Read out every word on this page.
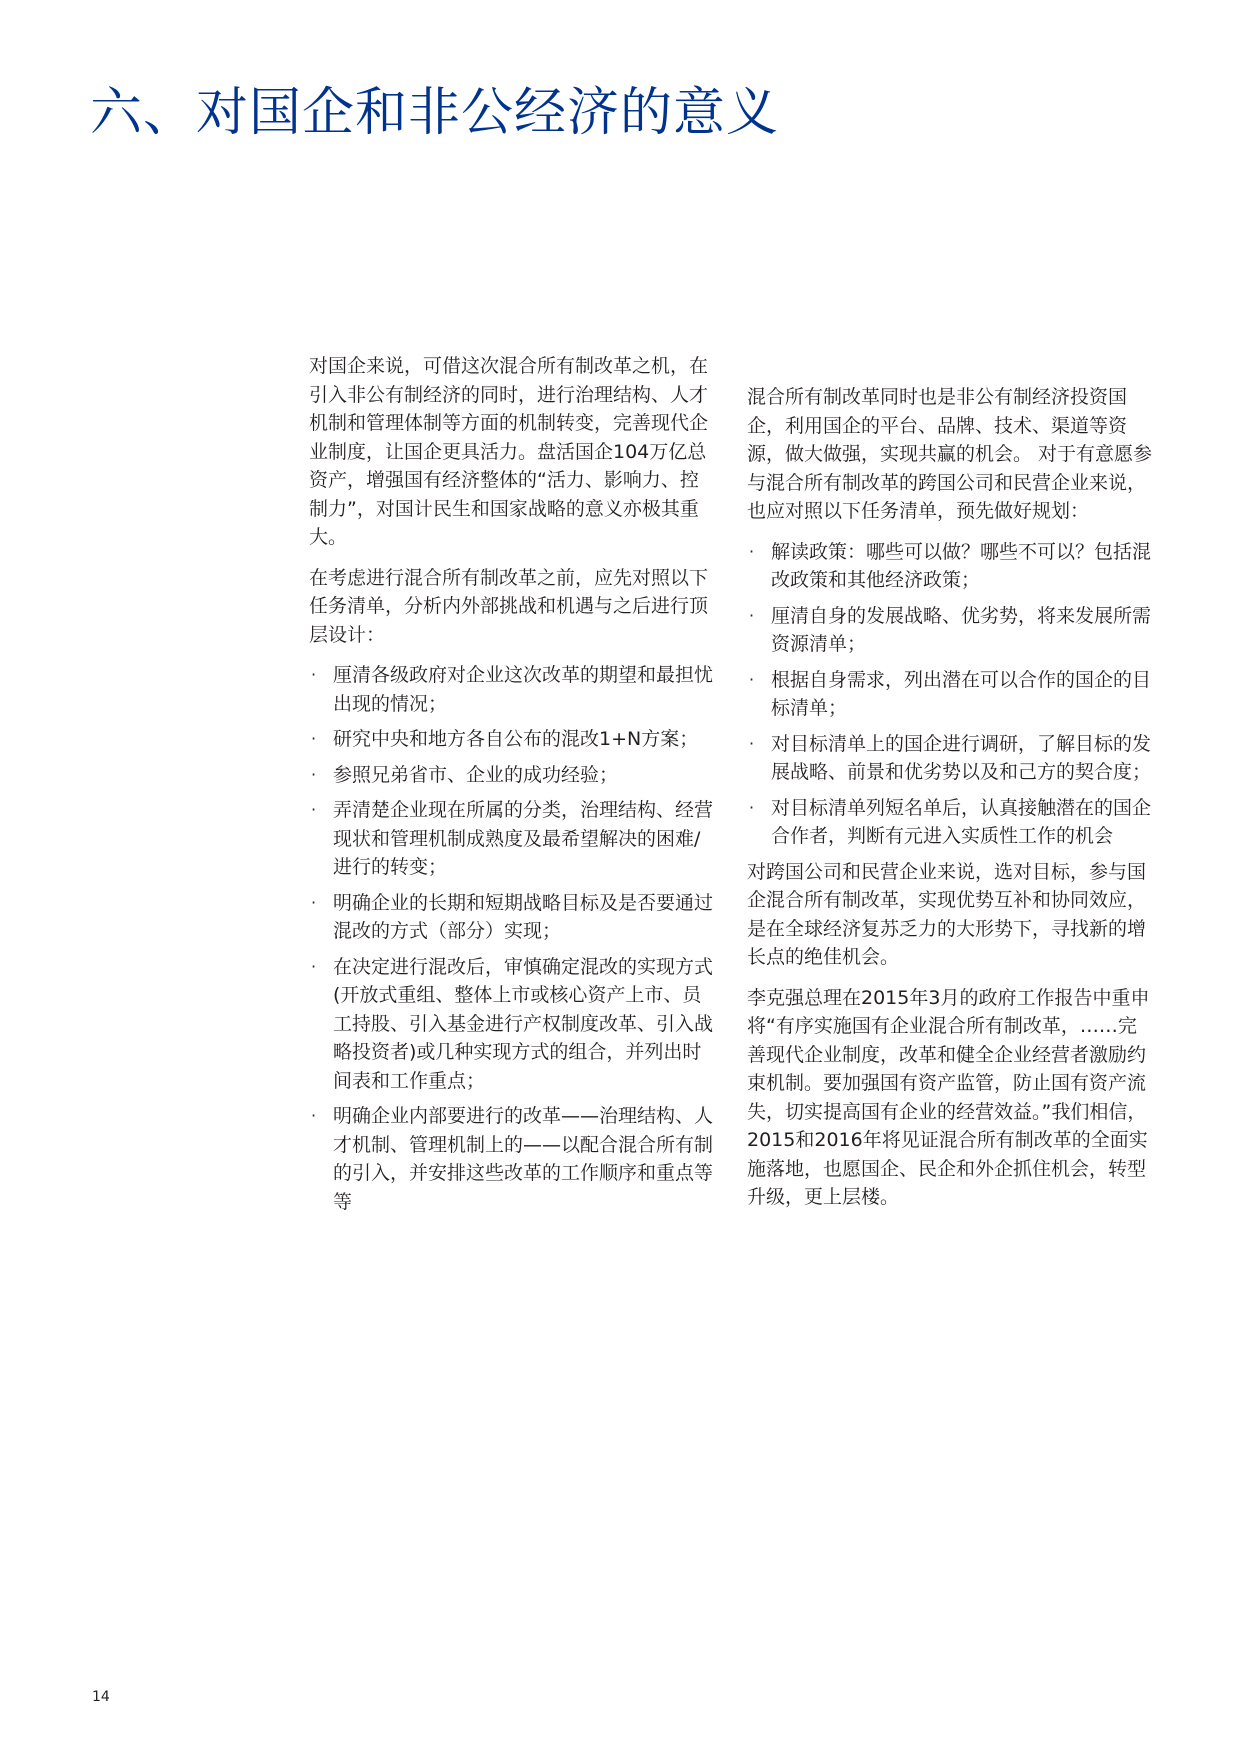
六、对国企和非公经济的意义

对国企来说，可借这次混合所有制改革之机，在引入非公有制经济的同时，进行治理结构、人才机制和管理体制等方面的机制转变，完善现代企业制度，让国企更具活力。盘活国企104万亿总资产，增强国有经济整体的“活力、影响力、控制力”，对国计民生和国家战略的意义亦极其重大。

在考虑进行混合所有制改革之前，应先对照以下任务清单，分析内外部挑战和机遇与之后进行顶层设计：

· 厘清各级政府对企业这次改革的期望和最担忧出现的情况；
· 研究中央和地方各自公布的混改1+N方案；
· 参照兄弟省市、企业的成功经验；
· 弄清楚企业现在所属的分类，治理结构、经营现状和管理机制成熟度及最希望解决的困难/进行的转变；
· 明确企业的长期和短期战略目标及是否要通过混改的方式（部分）实现；
· 在决定进行混改后，审慎确定混改的实现方式 (开放式重组、整体上市或核心资产上市、员工持股、引入基金进行产权制度改革、引入战略投资者)或几种实现方式的组合，并列出时间表和工作重点；
· 明确企业内部要进行的改革——治理结构、人才机制、管理机制上的——以配合混合所有制的引入，并安排这些改革的工作顺序和重点等等

混合所有制改革同时也是非公有制经济投资国企，利用国企的平台、品牌、技术、渠道等资源，做大做强，实现共赢的机会。 对于有意愿参与混合所有制改革的跨国公司和民营企业来说，也应对照以下任务清单，预先做好规划：

· 解读政策：哪些可以做？哪些不可以？包括混改政策和其他经济政策；
· 厘清自身的发展战略、优劣势，将来发展所需资源清单；
· 根据自身需求，列出潜在可以合作的国企的目标清单；
· 对目标清单上的国企进行调研，了解目标的发展战略、前景和优劣势以及和己方的契合度；
· 对目标清单列短名单后，认真接触潜在的国企合作者，判断有元进入实质性工作的机会

对跨国公司和民营企业来说，选对目标，参与国企混合所有制改革，实现优势互补和协同效应，是在全球经济复苏乏力的大形势下，寻找新的增长点的绝佳机会。

李克强总理在2015年3月的政府工作报告中重申将“有序实施国有企业混合所有制改革，……完善现代企业制度，改革和健全企业经营者激励约束机制。要加强国有资产监管，防止国有资产流失，切实提高国有企业的经营效益。”我们相信，2015和2016年将见证混合所有制改革的全面实施落地，也愿国企、民企和外企抓住机会，转型升级，更上层楼。

14
